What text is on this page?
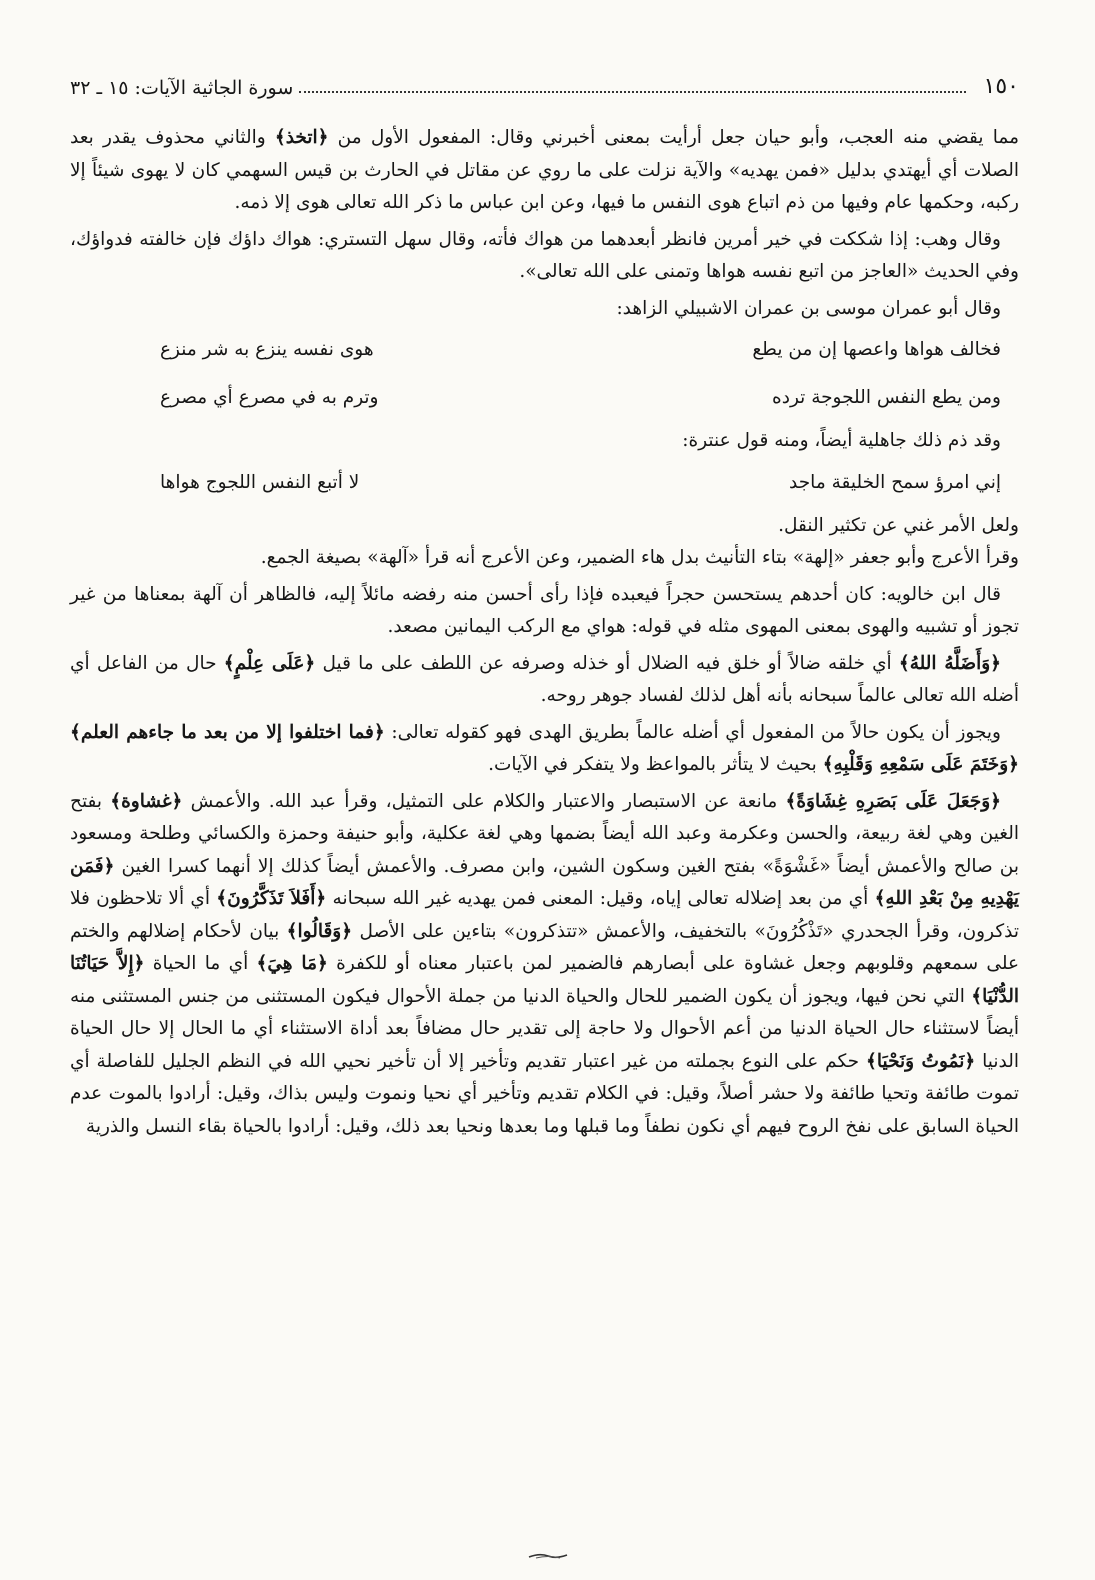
١٥٠
سورة الجاثية الآيات: ١٥ ـ ٣٢

مما يقضي منه العجب، وأبو حيان جعل أرأيت بمعنى أخبرني وقال: المفعول الأول من ﴿اتخذ﴾ والثاني محذوف يقدر بعد الصلات أي أيهتدي بدليل «فمن يهديه» والآية نزلت على ما روي عن مقاتل في الحارث بن قيس السهمي كان لا يهوى شيئاً إلا ركبه، وحكمها عام وفيها من ذم اتباع هوى النفس ما فيها، وعن ابن عباس ما ذكر الله تعالى هوى إلا ذمه.

وقال وهب: إذا شككت في خير أمرين فانظر أبعدهما من هواك فأته، وقال سهل التستري: هواك داؤك فإن خالفته فدواؤك، وفي الحديث «العاجز من اتبع نفسه هواها وتمنى على الله تعالى».

وقال أبو عمران موسى بن عمران الاشبيلي الزاهد:

فخالف هواها واعصها إن من يطع
هوى نفسه ينزع به شر منزع
ومن يطع النفس اللجوجة ترده
وترم به في مصرع أي مصرع

وقد ذم ذلك جاهلية أيضاً، ومنه قول عنترة:

إني امرؤ سمح الخليقة ماجد
لا أتبع النفس اللجوج هواها

ولعل الأمر غني عن تكثير النقل.

وقرأ الأعرج وأبو جعفر «إلهة» بتاء التأنيث بدل هاء الضمير، وعن الأعرج أنه قرأ «آلهة» بصيغة الجمع.

قال ابن خالويه: كان أحدهم يستحسن حجراً فيعبده فإذا رأى أحسن منه رفضه مائلاً إليه، فالظاهر أن آلهة بمعناها من غير تجوز أو تشبيه والهوى بمعنى المهوى مثله في قوله: هواي مع الركب اليمانين مصعد.

﴿وَأَضَلَّهُ اللهُ﴾ أي خلقه ضالاً أو خلق فيه الضلال أو خذله وصرفه عن اللطف على ما قيل ﴿عَلَى عِلْمٍ﴾ حال من الفاعل أي أضله الله تعالى عالماً سبحانه بأنه أهل لذلك لفساد جوهر روحه.

ويجوز أن يكون حالاً من المفعول أي أضله عالماً بطريق الهدى فهو كقوله تعالى: ﴿فما اختلفوا إلا من بعد ما جاءهم العلم﴾ ﴿وَخَتَمَ عَلَى سَمْعِهِ وَقَلْبِهِ﴾ بحيث لا يتأثر بالمواعظ ولا يتفكر في الآيات.

﴿وَجَعَلَ عَلَى بَصَرِهِ غِشَاوَةً﴾ مانعة عن الاستبصار والاعتبار والكلام على التمثيل، وقرأ عبد الله. والأعمش ﴿غشاوة﴾ بفتح الغين وهي لغة ربيعة، والحسن وعكرمة وعبد الله أيضاً بضمها وهي لغة عكلية، وأبو حنيفة وحمزة والكسائي وطلحة ومسعود بن صالح والأعمش أيضاً «غَشْوَةً» بفتح الغين وسكون الشين، وابن مصرف. والأعمش أيضاً كذلك إلا أنهما كسرا الغين ﴿فَمَن يَهْدِيهِ مِنْ بَعْدِ اللهِ﴾ أي من بعد إضلاله تعالى إياه، وقيل: المعنى فمن يهديه غير الله سبحانه ﴿أَفَلاَ تَذَكَّرُونَ﴾ أي ألا تلاحظون فلا تذكرون، وقرأ الجحدري «تَذْكُرُونَ» بالتخفيف، والأعمش «تتذكرون» بتاءين على الأصل ﴿وَقَالُوا﴾ بيان لأحكام إضلالهم والختم على سمعهم وقلوبهم وجعل غشاوة على أبصارهم فالضمير لمن باعتبار معناه أو للكفرة ﴿مَا هِيَ﴾ أي ما الحياة ﴿إِلاَّ حَيَاتُنَا الدُّنْيَا﴾ التي نحن فيها، ويجوز أن يكون الضمير للحال والحياة الدنيا من جملة الأحوال فيكون المستثنى من جنس المستثنى منه أيضاً لاستثناء حال الحياة الدنيا من أعم الأحوال ولا حاجة إلى تقدير حال مضافاً بعد أداة الاستثناء أي ما الحال إلا حال الحياة الدنيا ﴿نَمُوتُ وَنَحْيَا﴾ حكم على النوع بجملته من غير اعتبار تقديم وتأخير إلا أن تأخير نحيي الله في النظم الجليل للفاصلة أي تموت طائفة وتحيا طائفة ولا حشر أصلاً، وقيل: في الكلام تقديم وتأخير أي نحيا ونموت وليس بذاك، وقيل: أرادوا بالموت عدم الحياة السابق على نفخ الروح فيهم أي نكون نطفاً وما قبلها وما بعدها ونحيا بعد ذلك، وقيل: أرادوا بالحياة بقاء النسل والذرية
